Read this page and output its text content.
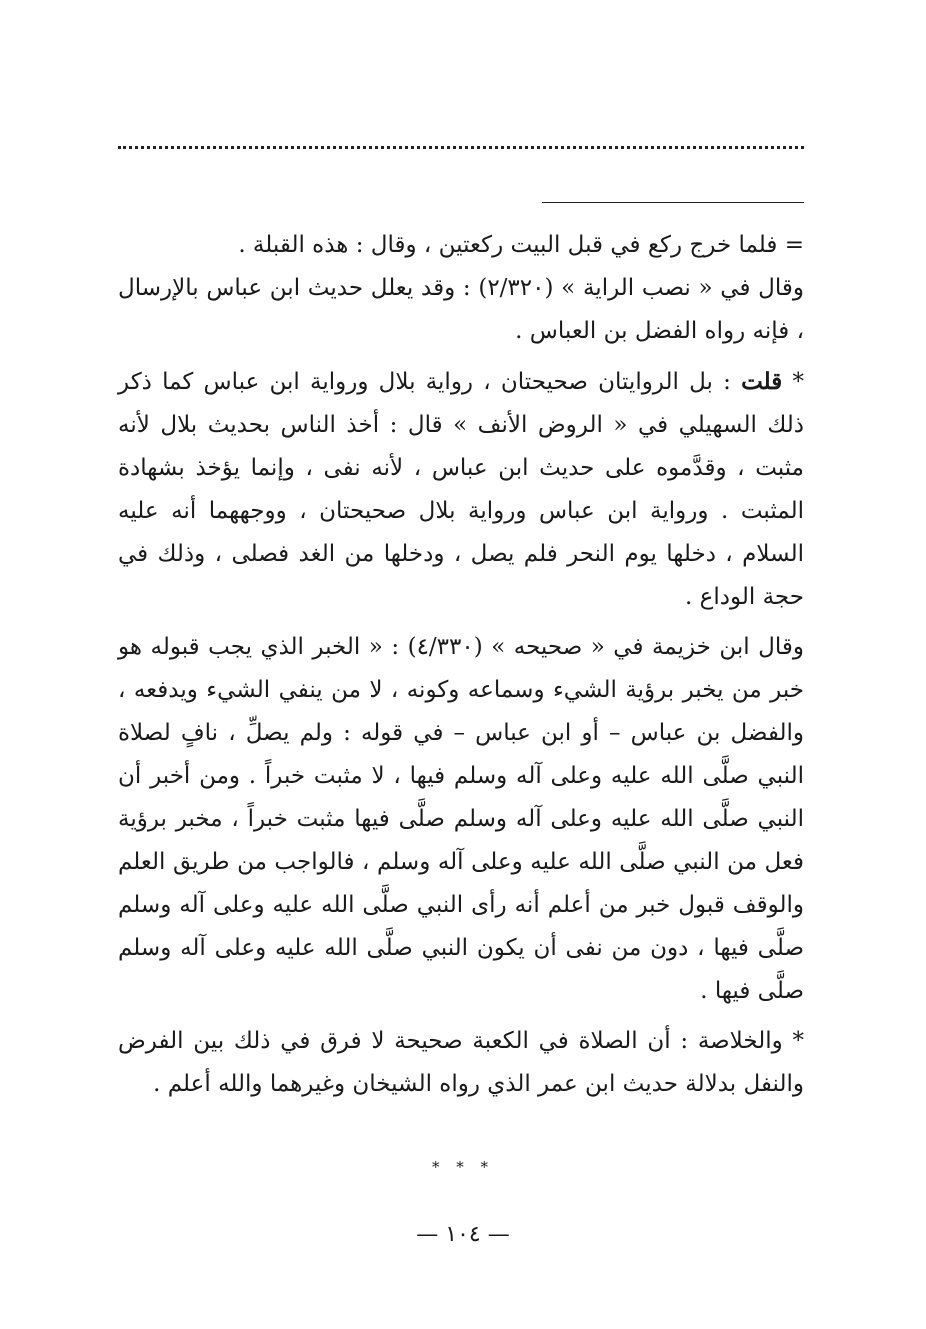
= فلما خرج ركع في قبل البيت ركعتين ، وقال : هذه القبلة .

وقال في « نصب الراية » (٢/٣٢٠) : وقد يعلل حديث ابن عباس بالإرسال ، فإنه رواه الفضل بن العباس .

* قلت : بل الروايتان صحيحتان ، رواية بلال ورواية ابن عباس كما ذكر ذلك السهيلي في « الروض الأنف » قال : أخذ الناس بحديث بلال لأنه مثبت ، وقدَّموه على حديث ابن عباس ، لأنه نفى ، وإنما يؤخذ بشهادة المثبت . ورواية ابن عباس ورواية بلال صحيحتان ، ووجههما أنه عليه السلام ، دخلها يوم النحر فلم يصل ، ودخلها من الغد فصلى ، وذلك في حجة الوداع .

وقال ابن خزيمة في « صحيحه » (٤/٣٣٠) : « الخبر الذي يجب قبوله هو خبر من يخبر برؤية الشيء وسماعه وكونه ، لا من ينفي الشيء ويدفعه ، والفضل بن عباس – أو ابن عباس – في قوله : ولم يصلِّ ، نافٍ لصلاة النبي صلَّى الله عليه وعلى آله وسلم فيها ، لا مثبت خبراً . ومن أخبر أن النبي صلَّى الله عليه وعلى آله وسلم صلَّى فيها مثبت خبراً ، مخبر برؤية فعل من النبي صلَّى الله عليه وعلى آله وسلم ، فالواجب من طريق العلم والوقف قبول خبر من أعلم أنه رأى النبي صلَّى الله عليه وعلى آله وسلم صلَّى فيها ، دون من نفى أن يكون النبي صلَّى الله عليه وعلى آله وسلم صلَّى فيها .

* والخلاصة : أن الصلاة في الكعبة صحيحة لا فرق في ذلك بين الفرض والنفل بدلالة حديث ابن عمر الذي رواه الشيخان وغيرهما والله أعلم .

* * *
— ١٠٤ —
